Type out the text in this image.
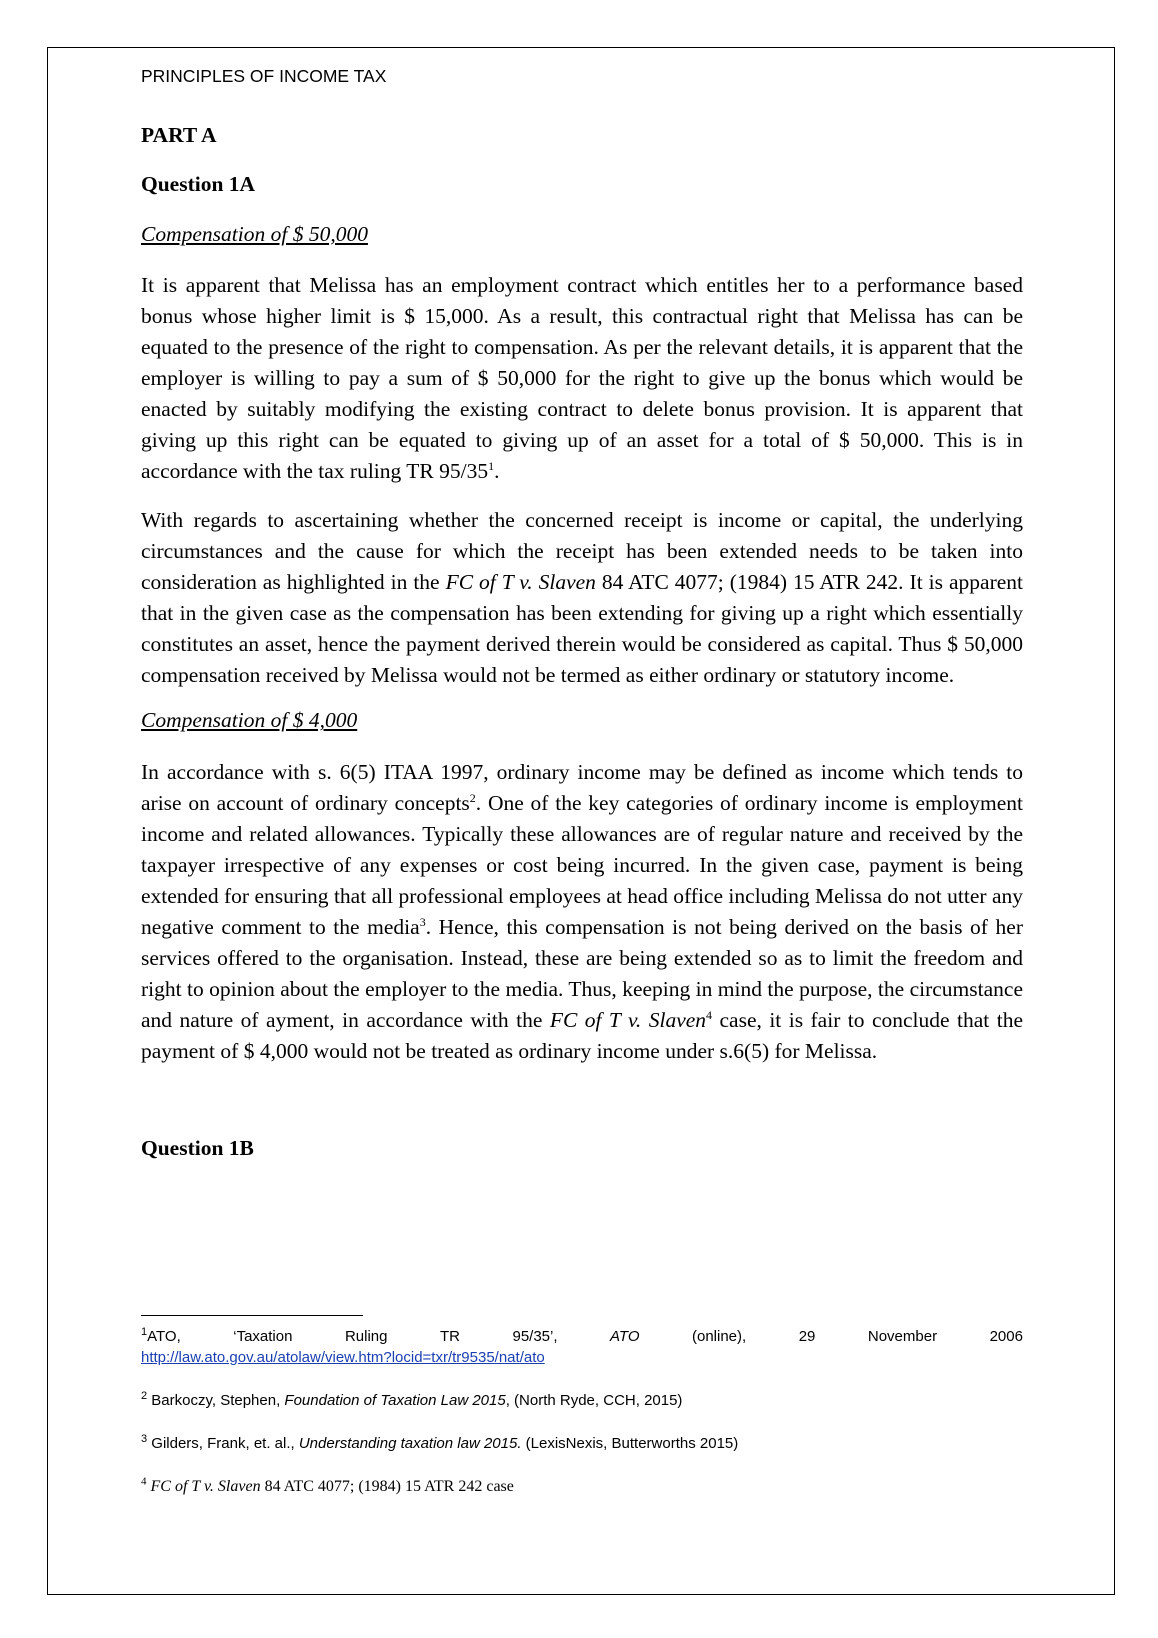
PRINCIPLES OF INCOME TAX
PART A
Question 1A
Compensation of $ 50,000

It is apparent that Melissa has an employment contract which entitles her to a performance based bonus whose higher limit is $ 15,000. As a result, this contractual right that Melissa has can be equated to the presence of the right to compensation. As per the relevant details, it is apparent that the employer is willing to pay a sum of $ 50,000 for the right to give up the bonus which would be enacted by suitably modifying the existing contract to delete bonus provision. It is apparent that giving up this right can be equated to giving up of an asset for a total of $ 50,000. This is in accordance with the tax ruling TR $95/35^1$.

With regards to ascertaining whether the concerned receipt is income or capital, the underlying circumstances and the cause for which the receipt has been extended needs to be taken into consideration as highlighted in the FC of T v. Slaven 84 ATC 4077; (1984) 15 ATR 242. It is apparent that in the given case as the compensation has been extending for giving up a right which essentially constitutes an asset, hence the payment derived therein would be considered as capital. Thus $ 50,000 compensation received by Melissa would not be termed as either ordinary or statutory income.

Compensation of $ 4,000

In accordance with s. 6(5) ITAA 1997, ordinary income may be defined as income which tends to arise on account of ordinary concepts$^2$. One of the key categories of ordinary income is employment income and related allowances. Typically these allowances are of regular nature and received by the taxpayer irrespective of any expenses or cost being incurred. In the given case, payment is being extended for ensuring that all professional employees at head office including Melissa do not utter any negative comment to the media$^3$. Hence, this compensation is not being derived on the basis of her services offered to the organisation. Instead, these are being extended so as to limit the freedom and right to opinion about the employer to the media. Thus, keeping in mind the purpose, the circumstance and nature of ayment, in accordance with the FC of T v. Slaven$^4$ case, it is fair to conclude that the payment of $ 4,000 would not be treated as ordinary income under s.6(5) for Melissa.

Question 1B
$^1$ATO,	‘Taxation	Ruling	TR	95/35’,	ATO	(online),	29	November	2006
http://law.ato.gov.au/atolaw/view.htm?locid=txr/tr9535/nat/ato
$^2$ Barkoczy, Stephen, Foundation of Taxation Law 2015, (North Ryde, CCH, 2015)
$^3$ Gilders, Frank, et. al., Understanding taxation law 2015. (LexisNexis, Butterworths 2015)
$^4$ FC of T v. Slaven 84 ATC 4077; (1984) 15 ATR 242 case
